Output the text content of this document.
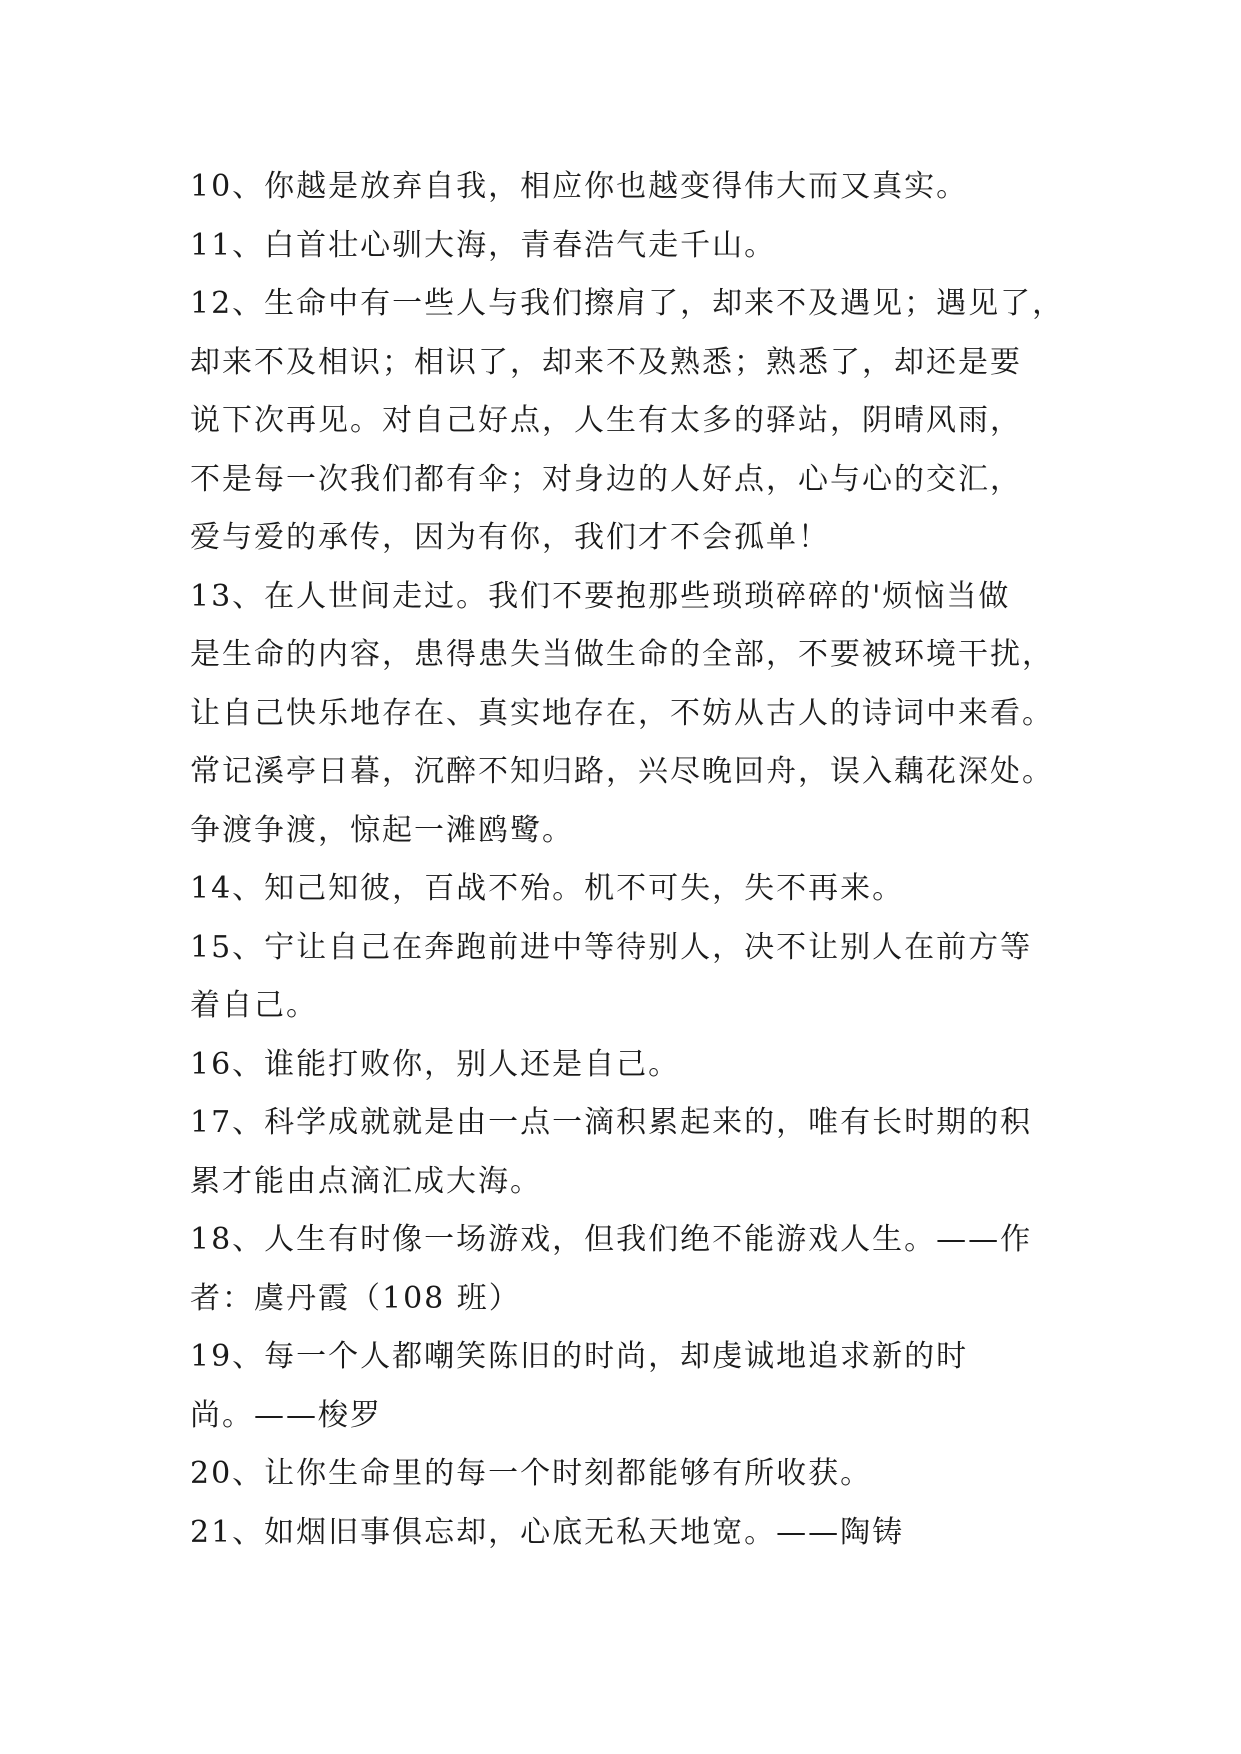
10、你越是放弃自我，相应你也越变得伟大而又真实。

11、白首壮心驯大海，青春浩气走千山。

12、生命中有一些人与我们擦肩了，却来不及遇见；遇见了，
却来不及相识；相识了，却来不及熟悉；熟悉了，却还是要
说下次再见。对自己好点，人生有太多的驿站，阴晴风雨，
不是每一次我们都有伞；对身边的人好点，心与心的交汇，
爱与爱的承传，因为有你，我们才不会孤单！

13、在人世间走过。我们不要抱那些琐琐碎碎的'烦恼当做
是生命的内容，患得患失当做生命的全部，不要被环境干扰，
让自己快乐地存在、真实地存在，不妨从古人的诗词中来看。
常记溪亭日暮，沉醉不知归路，兴尽晚回舟，误入藕花深处。
争渡争渡，惊起一滩鸥鹭。

14、知己知彼，百战不殆。机不可失，失不再来。

15、宁让自己在奔跑前进中等待别人，决不让别人在前方等
着自己。

16、谁能打败你，别人还是自己。

17、科学成就就是由一点一滴积累起来的，唯有长时期的积
累才能由点滴汇成大海。

18、人生有时像一场游戏，但我们绝不能游戏人生。——作
者：虞丹霞（108 班）

19、每一个人都嘲笑陈旧的时尚，却虔诚地追求新的时
尚。——梭罗

20、让你生命里的每一个时刻都能够有所收获。

21、如烟旧事俱忘却，心底无私天地宽。——陶铸
